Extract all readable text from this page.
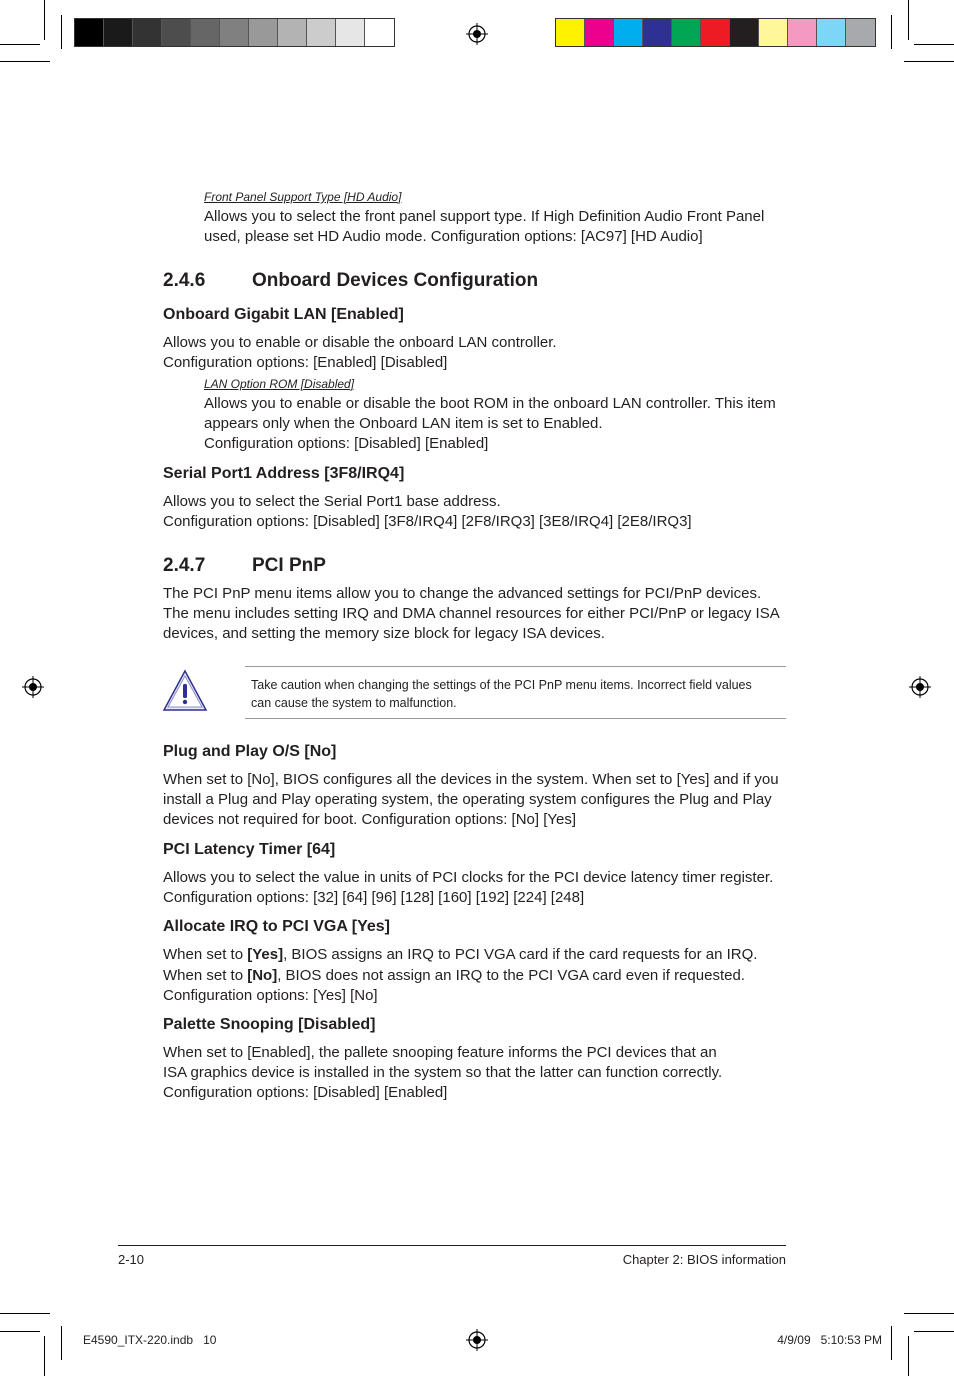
Front Panel Support Type [HD Audio]
Allows you to select the front panel support type. If High Definition Audio Front Panel
used, please set HD Audio mode. Configuration options: [AC97] [HD Audio]
2.4.6 Onboard Devices Configuration
Onboard Gigabit LAN [Enabled]
Allows you to enable or disable the onboard LAN controller.
Configuration options: [Enabled] [Disabled]
LAN Option ROM [Disabled]
Allows you to enable or disable the boot ROM in the onboard LAN controller. This item
appears only when the Onboard LAN item is set to Enabled.
Configuration options: [Disabled] [Enabled]
Serial Port1 Address [3F8/IRQ4]
Allows you to select the Serial Port1 base address.
Configuration options: [Disabled] [3F8/IRQ4] [2F8/IRQ3] [3E8/IRQ4] [2E8/IRQ3]
2.4.7 PCI PnP
The PCI PnP menu items allow you to change the advanced settings for PCI/PnP devices.
The menu includes setting IRQ and DMA channel resources for either PCI/PnP or legacy ISA
devices, and setting the memory size block for legacy ISA devices.
Take caution when changing the settings of the PCI PnP menu items. Incorrect field values
can cause the system to malfunction.
Plug and Play O/S [No]
When set to [No], BIOS configures all the devices in the system. When set to [Yes] and if you
install a Plug and Play operating system, the operating system configures the Plug and Play
devices not required for boot. Configuration options: [No] [Yes]
PCI Latency Timer [64]
Allows you to select the value in units of PCI clocks for the PCI device latency timer register.
Configuration options: [32] [64] [96] [128] [160] [192] [224] [248]
Allocate IRQ to PCI VGA [Yes]
When set to [Yes], BIOS assigns an IRQ to PCI VGA card if the card requests for an IRQ.
When set to [No], BIOS does not assign an IRQ to the PCI VGA card even if requested.
Configuration options: [Yes] [No]
Palette Snooping [Disabled]
When set to [Enabled], the pallete snooping feature informs the PCI devices that an
ISA graphics device is installed in the system so that the latter can function correctly.
Configuration options: [Disabled] [Enabled]
2-10	Chapter 2: BIOS information
E4590_ITX-220.indb   10	4/9/09   5:10:53 PM
